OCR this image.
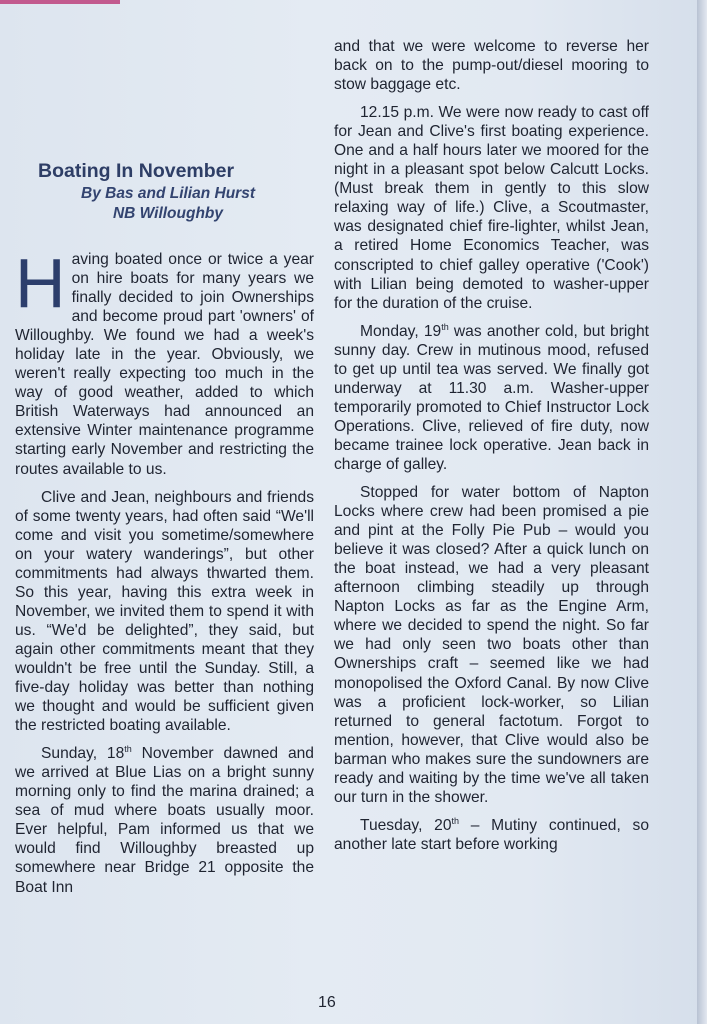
Boating In November
By Bas and Lilian Hurst
NB Willoughby

Having boated once or twice a year on hire boats for many years we finally decided to join Ownerships and become proud part 'owners' of Willoughby. We found we had a week's holiday late in the year. Obviously, we weren't really expecting too much in the way of good weather, added to which British Waterways had announced an extensive Winter maintenance programme starting early November and restricting the routes available to us.

Clive and Jean, neighbours and friends of some twenty years, had often said “We'll come and visit you sometime/somewhere on your watery wanderings”, but other commitments had always thwarted them. So this year, having this extra week in November, we invited them to spend it with us. “We'd be delighted”, they said, but again other commitments meant that they wouldn't be free until the Sunday. Still, a five-day holiday was better than nothing we thought and would be sufficient given the restricted boating available.

Sunday, 18th November dawned and we arrived at Blue Lias on a bright sunny morning only to find the marina drained; a sea of mud where boats usually moor. Ever helpful, Pam informed us that we would find Willoughby breasted up somewhere near Bridge 21 opposite the Boat Inn

and that we were welcome to reverse her back on to the pump-out/diesel mooring to stow baggage etc.

12.15 p.m. We were now ready to cast off for Jean and Clive's first boating experience. One and a half hours later we moored for the night in a pleasant spot below Calcutt Locks. (Must break them in gently to this slow relaxing way of life.) Clive, a Scoutmaster, was designated chief fire-lighter, whilst Jean, a retired Home Economics Teacher, was conscripted to chief galley operative ('Cook') with Lilian being demoted to washer-upper for the duration of the cruise.

Monday, 19th was another cold, but bright sunny day. Crew in mutinous mood, refused to get up until tea was served. We finally got underway at 11.30 a.m. Washer-upper temporarily promoted to Chief Instructor Lock Operations. Clive, relieved of fire duty, now became trainee lock operative. Jean back in charge of galley.

Stopped for water bottom of Napton Locks where crew had been promised a pie and pint at the Folly Pie Pub – would you believe it was closed? After a quick lunch on the boat instead, we had a very pleasant afternoon climbing steadily up through Napton Locks as far as the Engine Arm, where we decided to spend the night. So far we had only seen two boats other than Ownerships craft – seemed like we had monopolised the Oxford Canal. By now Clive was a proficient lock-worker, so Lilian returned to general factotum. Forgot to mention, however, that Clive would also be barman who makes sure the sundowners are ready and waiting by the time we've all taken our turn in the shower.

Tuesday, 20th – Mutiny continued, so another late start before working

16
